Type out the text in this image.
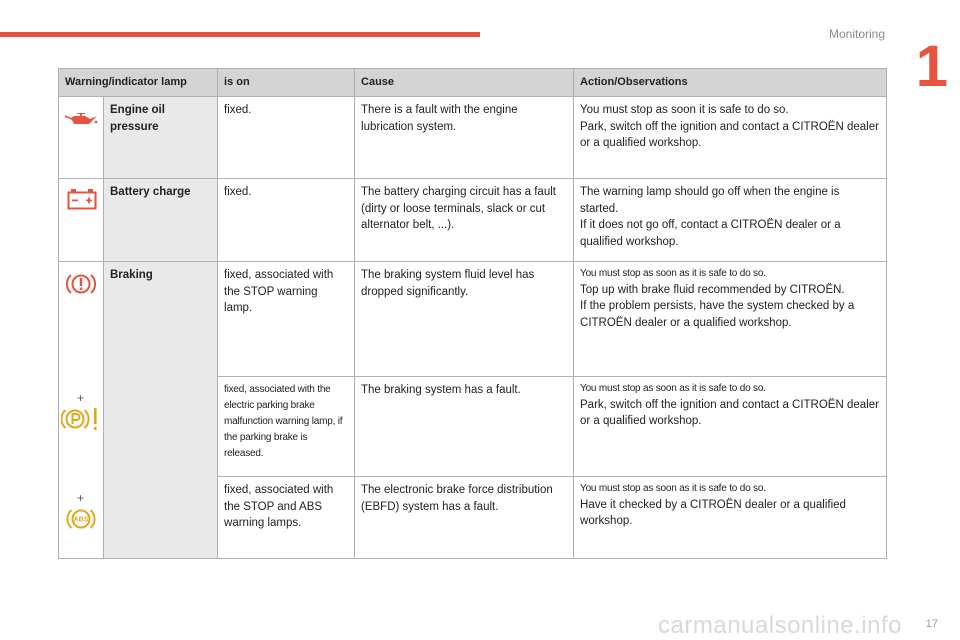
Monitoring 1
Warning/indicator lamp		is on	Cause	Action/Observations

	Engine oil pressure	fixed.	There is a fault with the engine lubrication system.	You must stop as soon it is safe to do so.
Park, switch off the ignition and contact a CITROËN dealer or a qualified workshop.

	Battery charge	fixed.	The battery charging circuit has a fault (dirty or loose terminals, slack or cut alternator belt, ...).	The warning lamp should go off when the engine is started.
If it does not go off, contact a CITROËN dealer or a qualified workshop.

+
+
ABS	Braking	fixed, associated with the STOP warning lamp.	The braking system fluid level has dropped significantly.	You must stop as soon as it is safe to do so.
Top up with brake fluid recommended by CITROËN.
If the problem persists, have the system checked by a CITROËN dealer or a qualified workshop.

		fixed, associated with the electric parking brake malfunction warning lamp, if the parking brake is released.	The braking system has a fault.	You must stop as soon as it is safe to do so.
Park, switch off the ignition and contact a CITROËN dealer or a qualified workshop.

		fixed, associated with the STOP and ABS warning lamps.	The electronic brake force distribution (EBFD) system has a fault.	You must stop as soon as it is safe to do so.
Have it checked by a CITROËN dealer or a qualified workshop.
carmanualsonline.info 17
